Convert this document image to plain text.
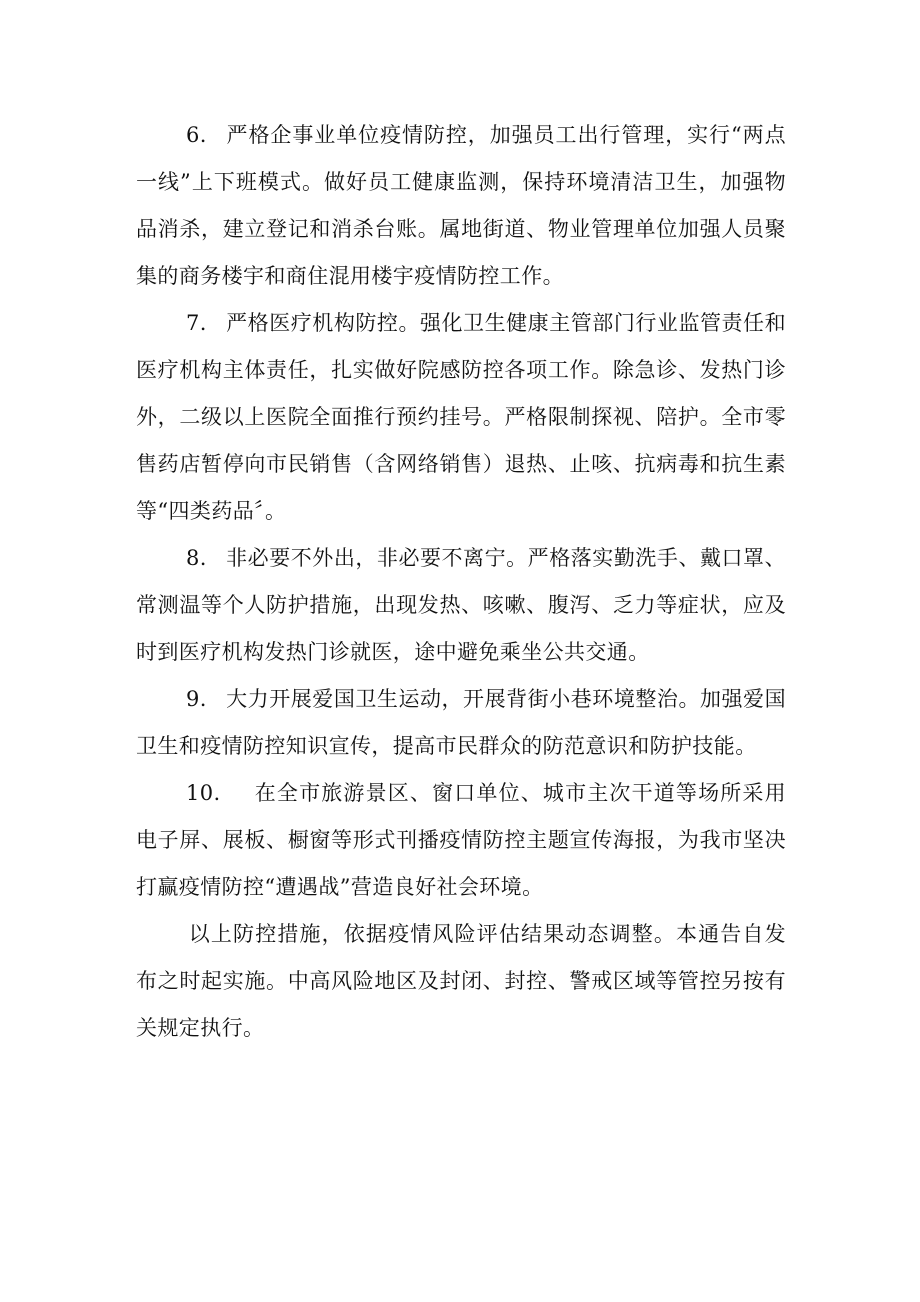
6. 严格企事业单位疫情防控，加强员工出行管理，实行“两点一线”上下班模式。做好员工健康监测，保持环境清洁卫生，加强物品消杀，建立登记和消杀台账。属地街道、物业管理单位加强人员聚集的商务楼宇和商住混用楼宇疫情防控工作。

7. 严格医疗机构防控。强化卫生健康主管部门行业监管责任和医疗机构主体责任，扎实做好院感防控各项工作。除急诊、发热门诊外，二级以上医院全面推行预约挂号。严格限制探视、陪护。全市零售药店暂停向市民销售（含网络销售）退热、止咳、抗病毒和抗生素等“四类药品〞。

8. 非必要不外出，非必要不离宁。严格落实勤洗手、戴口罩、常测温等个人防护措施，出现发热、咳嗽、腹泻、乏力等症状，应及时到医疗机构发热门诊就医，途中避免乘坐公共交通。

9. 大力开展爱国卫生运动，开展背街小巷环境整治。加强爱国卫生和疫情防控知识宣传，提高市民群众的防范意识和防护技能。

10. 在全市旅游景区、窗口单位、城市主次干道等场所采用电子屏、展板、橱窗等形式刊播疫情防控主题宣传海报，为我市坚决打赢疫情防控“遭遇战”营造良好社会环境。

以上防控措施，依据疫情风险评估结果动态调整。本通告自发布之时起实施。中高风险地区及封闭、封控、警戒区域等管控另按有关规定执行。
